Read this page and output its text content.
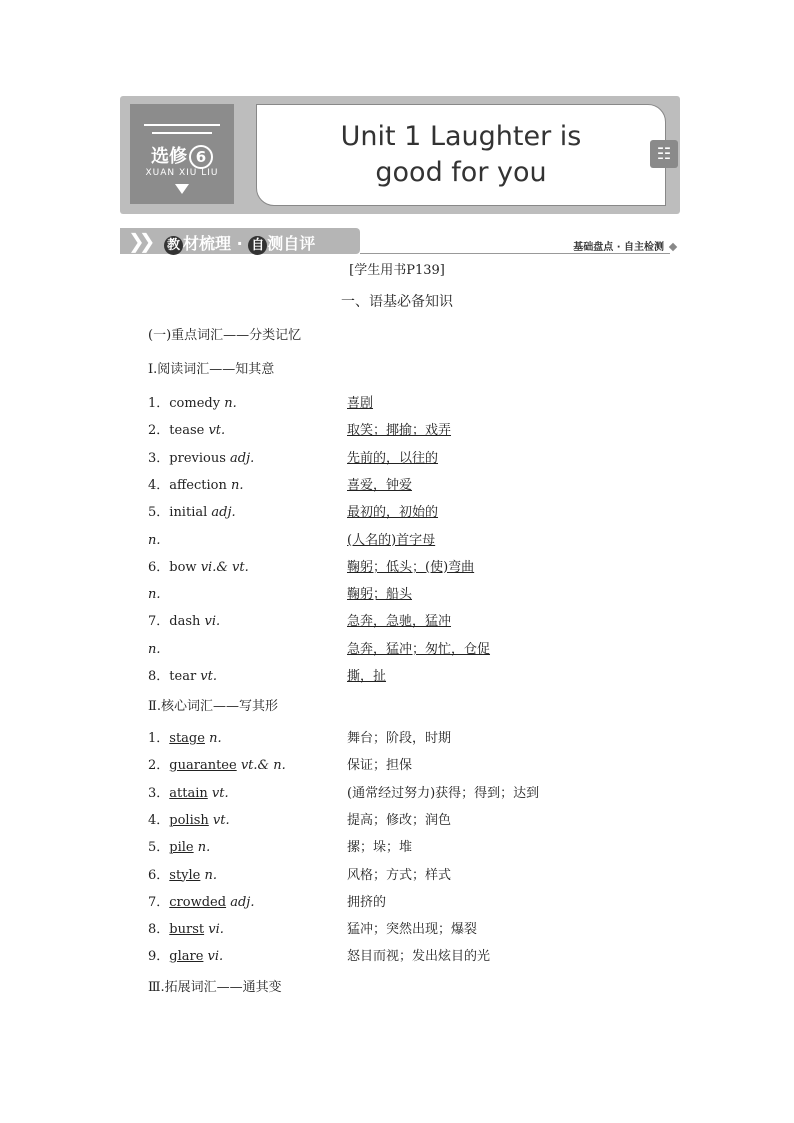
选修 6
XUAN XIU LIU
Unit 1 Laughter is
good for you
☷
❯❯ 教 材梳理 · 自 测自评	基础盘点 · 自主检测
[学生用书P139]
一、语基必备知识
(一)重点词汇——分类记忆
Ⅰ.阅读词汇——知其意
1．comedy n.	喜剧
2．tease vt.	取笑；揶揄；戏弄
3．previous adj.	先前的，以往的
4．affection n.	喜爱，钟爱
5．initial adj.	最初的，初始的
n.	(人名的)首字母
6．bow vi.& vt.	鞠躬；低头；(使)弯曲
n.	鞠躬；船头
7．dash vi.	急奔，急驰，猛冲
n.	急奔，猛冲；匆忙，仓促
8．tear vt.	撕，扯
Ⅱ.核心词汇——写其形
1．stage n.	舞台；阶段，时期
2．guarantee vt.& n.	保证；担保
3．attain vt.	(通常经过努力)获得；得到；达到
4．polish vt.	提高；修改；润色
5．pile n.	摞；垛；堆
6．style n.	风格；方式；样式
7．crowded adj.	拥挤的
8．burst vi.	猛冲；突然出现；爆裂
9．glare vi.	怒目而视；发出炫目的光
Ⅲ.拓展词汇——通其变
